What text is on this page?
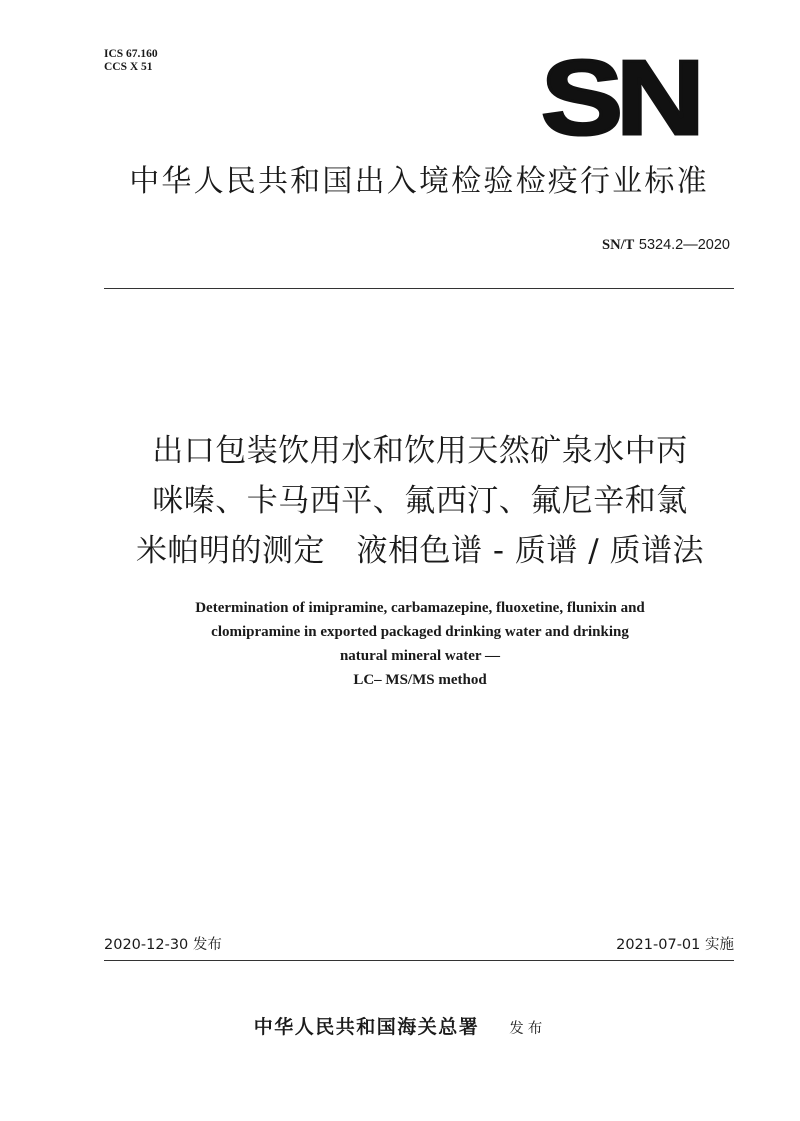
ICS 67.160
CCS X 51	SN
中华人民共和国出入境检验检疫行业标准
SN/T 5324.2—2020
出口包装饮用水和饮用天然矿泉水中丙
咪嗪、卡马西平、氟西汀、氟尼辛和氯
米帕明的测定　液相色谱 - 质谱 / 质谱法
Determination of imipramine, carbamazepine, fluoxetine, flunixin and
clomipramine in exported packaged drinking water and drinking
natural mineral water —
LC– MS/MS method
2020-12-30 发布	2021-07-01 实施
中华人民共和国海关总署 发布
